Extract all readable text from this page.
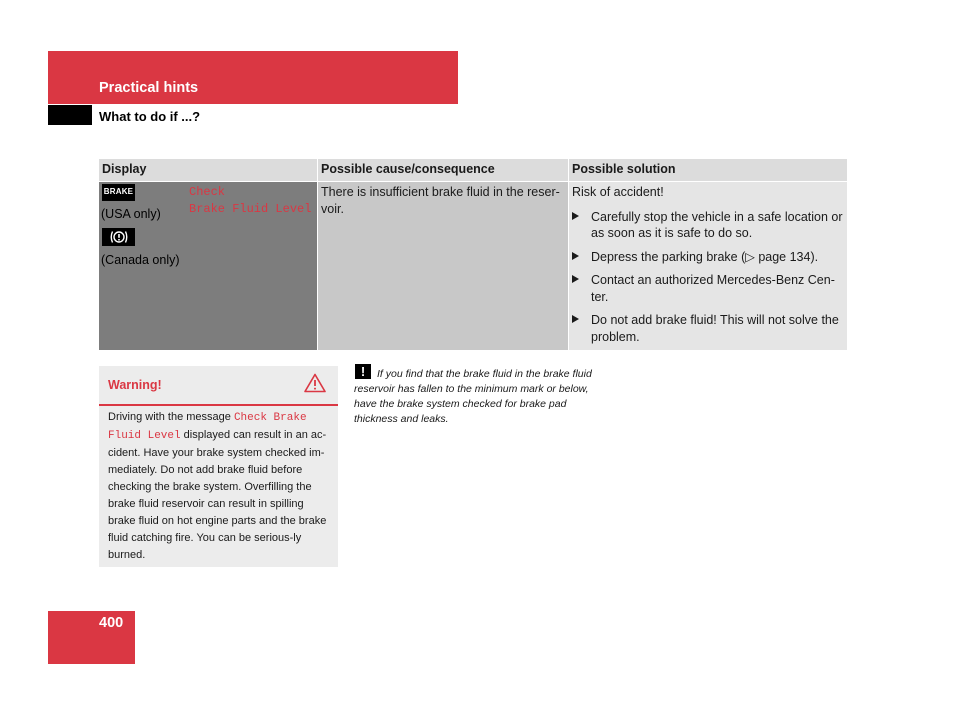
Practical hints
What to do if ...?
Display	Possible cause/consequence	Possible solution
BRAKE
(USA only)
(Canada only)
Check
Brake Fluid Level
There is insufficient brake fluid in the reser-voir.
Risk of accident!
Carefully stop the vehicle in a safe location or as soon as it is safe to do so.
Depress the parking brake (▷ page 134).
Contact an authorized Mercedes-Benz Cen-ter.
Do not add brake fluid! This will not solve the problem.
Warning!
Driving with the message Check Brake Fluid Level displayed can result in an ac-cident. Have your brake system checked im-mediately. Do not add brake fluid before checking the brake system. Overfilling the brake fluid reservoir can result in spilling brake fluid on hot engine parts and the brake fluid catching fire. You can be serious-ly burned.
If you find that the brake fluid in the brake fluid reservoir has fallen to the minimum mark or below, have the brake system checked for brake pad thickness and leaks.
!
400
